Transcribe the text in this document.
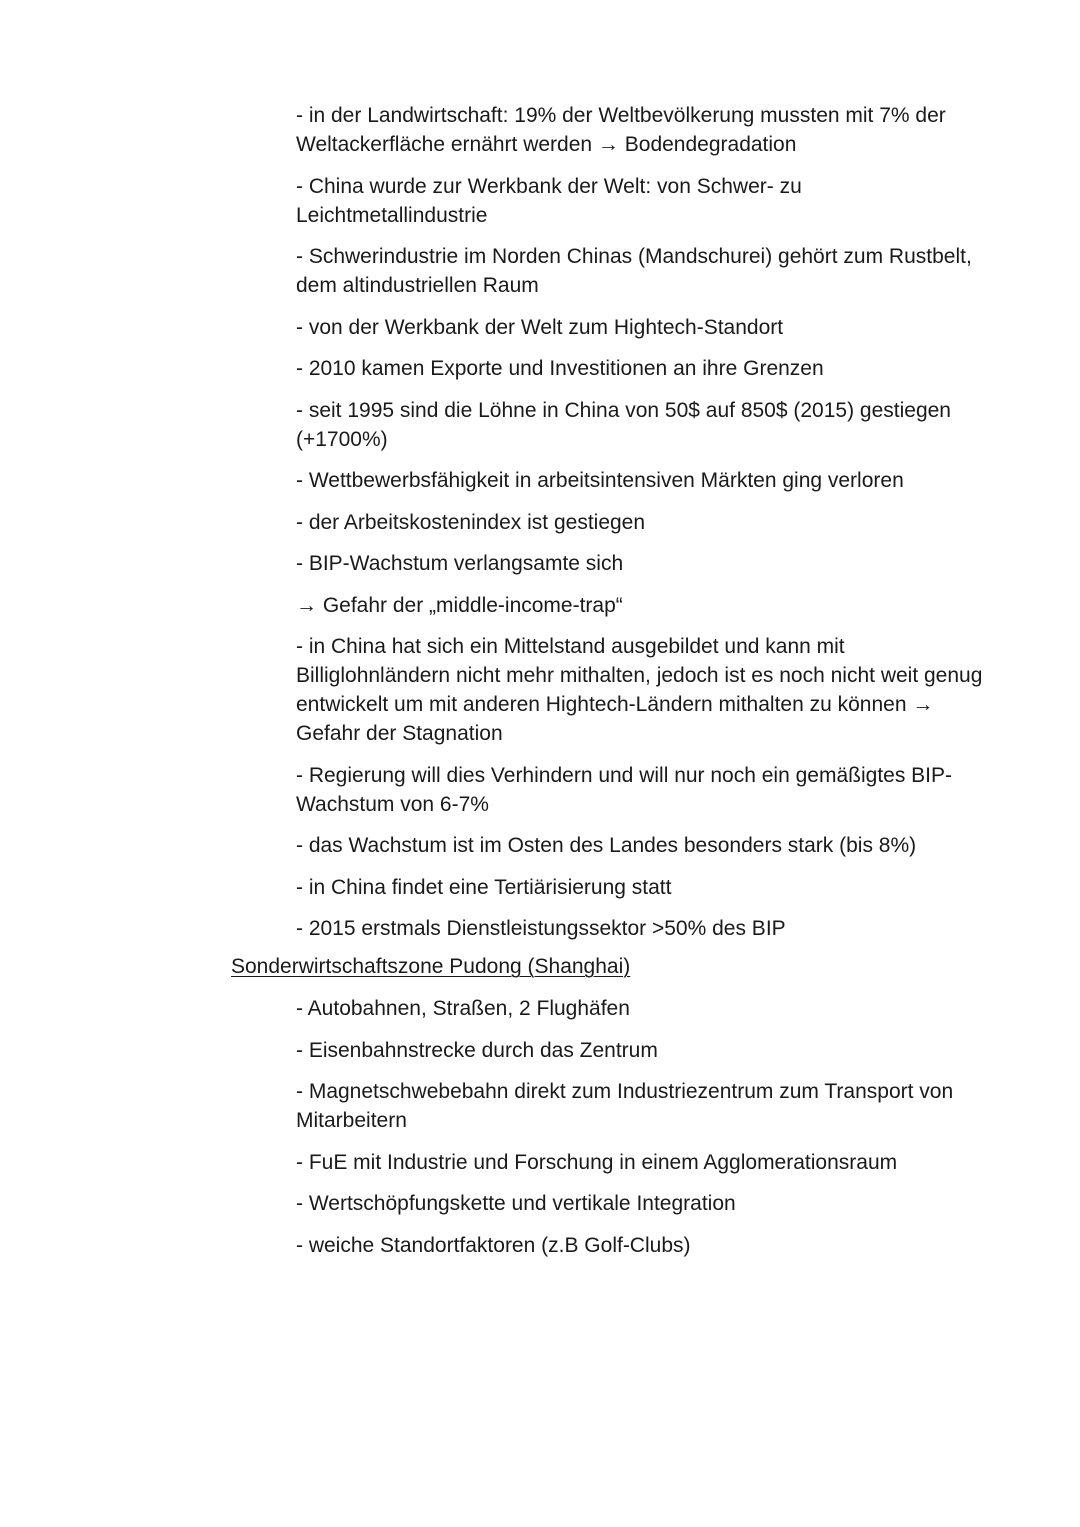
- in der Landwirtschaft: 19% der Weltbevölkerung mussten mit 7% der Weltackerfläche ernährt werden → Bodendegradation
- China wurde zur Werkbank der Welt: von Schwer- zu Leichtmetallindustrie
- Schwerindustrie im Norden Chinas (Mandschurei) gehört zum Rustbelt, dem altindustriellen Raum
- von der Werkbank der Welt zum Hightech-Standort
- 2010 kamen Exporte und Investitionen an ihre Grenzen
- seit 1995 sind die Löhne in China von 50$ auf 850$ (2015) gestiegen (+1700%)
- Wettbewerbsfähigkeit in arbeitsintensiven Märkten ging verloren
- der Arbeitskostenindex ist gestiegen
- BIP-Wachstum verlangsamte sich
→ Gefahr der „middle-income-trap“
- in China hat sich ein Mittelstand ausgebildet und kann mit Billiglohnländern nicht mehr mithalten, jedoch ist es noch nicht weit genug entwickelt um mit anderen Hightech-Ländern mithalten zu können → Gefahr der Stagnation
- Regierung will dies Verhindern und will nur noch ein gemäßigtes BIP-Wachstum von 6-7%
- das Wachstum ist im Osten des Landes besonders stark (bis 8%)
- in China findet eine Tertiärisierung statt
- 2015 erstmals Dienstleistungssektor >50% des BIP
Sonderwirtschaftszone Pudong (Shanghai)
- Autobahnen, Straßen, 2 Flughäfen
- Eisenbahnstrecke durch das Zentrum
- Magnetschwebebahn direkt zum Industriezentrum zum Transport von Mitarbeitern
- FuE mit Industrie und Forschung in einem Agglomerationsraum
- Wertschöpfungskette und vertikale Integration
- weiche Standortfaktoren (z.B Golf-Clubs)
